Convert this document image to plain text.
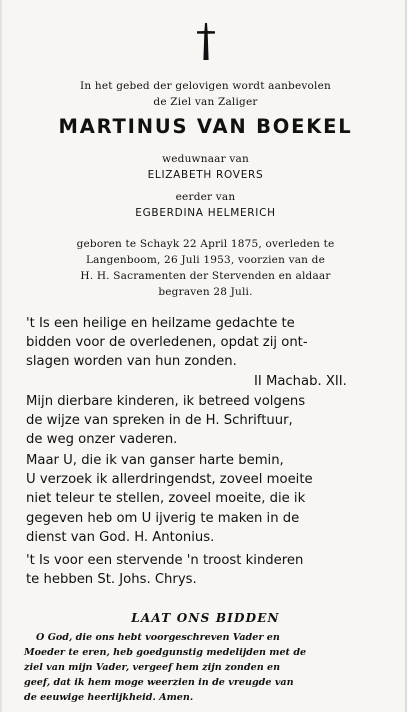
In het gebed der gelovigen wordt aanbevolen
de Ziel van Zaliger
MARTINUS VAN BOEKEL
weduwnaar van
ELIZABETH ROVERS
eerder van
EGBERDINA HELMERICH
geboren te Schayk 22 April 1875, overleden te
Langenboom, 26 Juli 1953, voorzien van de
H. H. Sacramenten der Stervenden en aldaar
begraven 28 Juli.
't Is een heilige en heilzame gedachte te
bidden voor de overledenen, opdat zij ont-
slagen worden van hun zonden.
II Machab. XII.
Mijn dierbare kinderen, ik betreed volgens
de wijze van spreken in de H. Schriftuur,
de weg onzer vaderen.
Maar U, die ik van ganser harte bemin,
U verzoek ik allerdringendst, zoveel moeite
niet teleur te stellen, zoveel moeite, die ik
gegeven heb om U ijverig te maken in de
dienst van God. H. Antonius.
't Is voor een stervende 'n troost kinderen
te hebben St. Johs. Chrys.
LAAT ONS BIDDEN
O God, die ons hebt voorgeschreven Vader en
Moeder te eren, heb goedgunstig medelijden met de
ziel van mijn Vader, vergeef hem zijn zonden en
geef, dat ik hem moge weerzien in de vreugde van
de eeuwige heerlijkheid. Amen.
